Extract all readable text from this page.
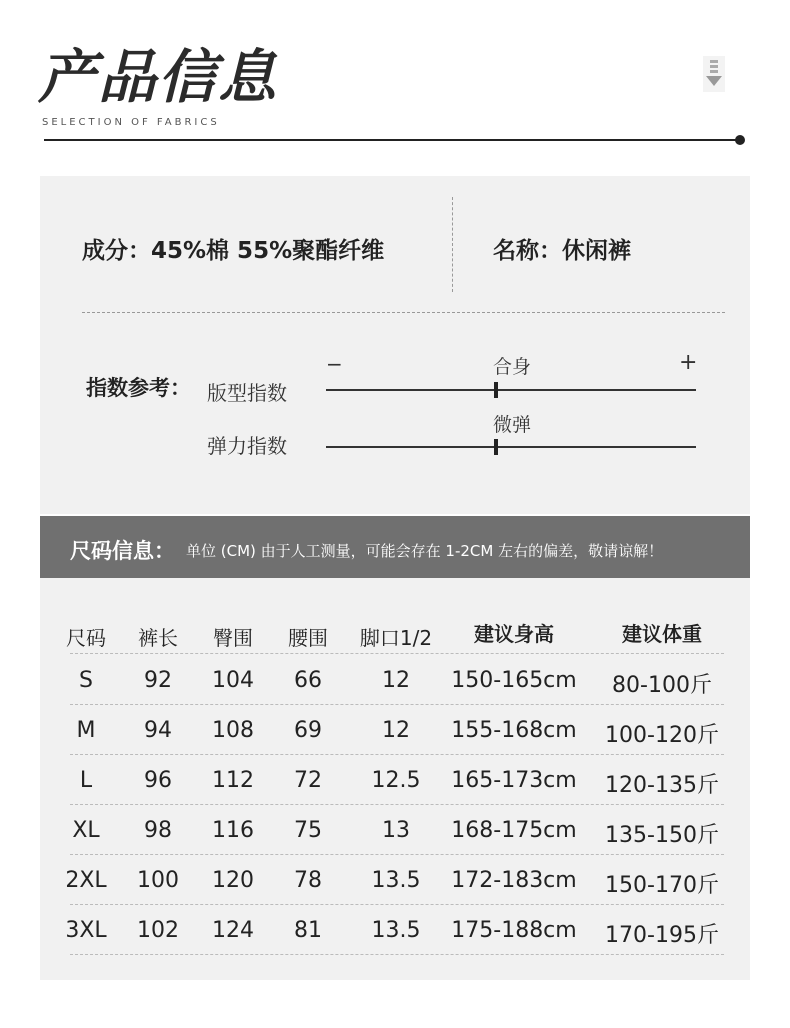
产品信息
SELECTION OF FABRICS
成分：45%棉 55%聚酯纤维	名称：休闲裤
指数参考：
−	+
版型指数
合身
弹力指数
微弹
尺码信息： 单位 (CM) 由于人工测量，可能会存在 1-2CM 左右的偏差，敬请谅解！
尺码	裤长	臀围	腰围	脚口1/2	建议身高	建议体重
S	92	104	66	12	150-165cm	80-100斤
M	94	108	69	12	155-168cm	100-120斤
L	96	112	72	12.5	165-173cm	120-135斤
XL	98	116	75	13	168-175cm	135-150斤
2XL	100	120	78	13.5	172-183cm	150-170斤
3XL	102	124	81	13.5	175-188cm	170-195斤
